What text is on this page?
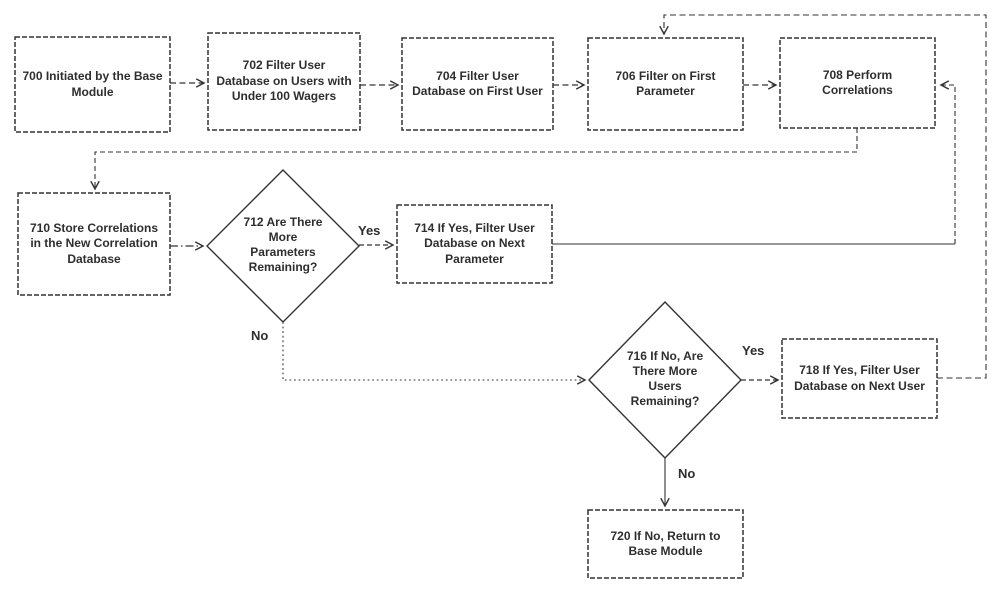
700 Initiated by the Base Module
702 Filter User Database on Users with Under 100 Wagers
704 Filter User Database on First User
706 Filter on First Parameter
708 Perform Correlations
710 Store Correlations in the New Correlation Database
714 If Yes, Filter User Database on Next Parameter
718 If Yes, Filter User Database on Next User
720 If No, Return to Base Module
712 Are There More Parameters Remaining?
716 If No, Are There More Users Remaining?
Yes
No
Yes
No
